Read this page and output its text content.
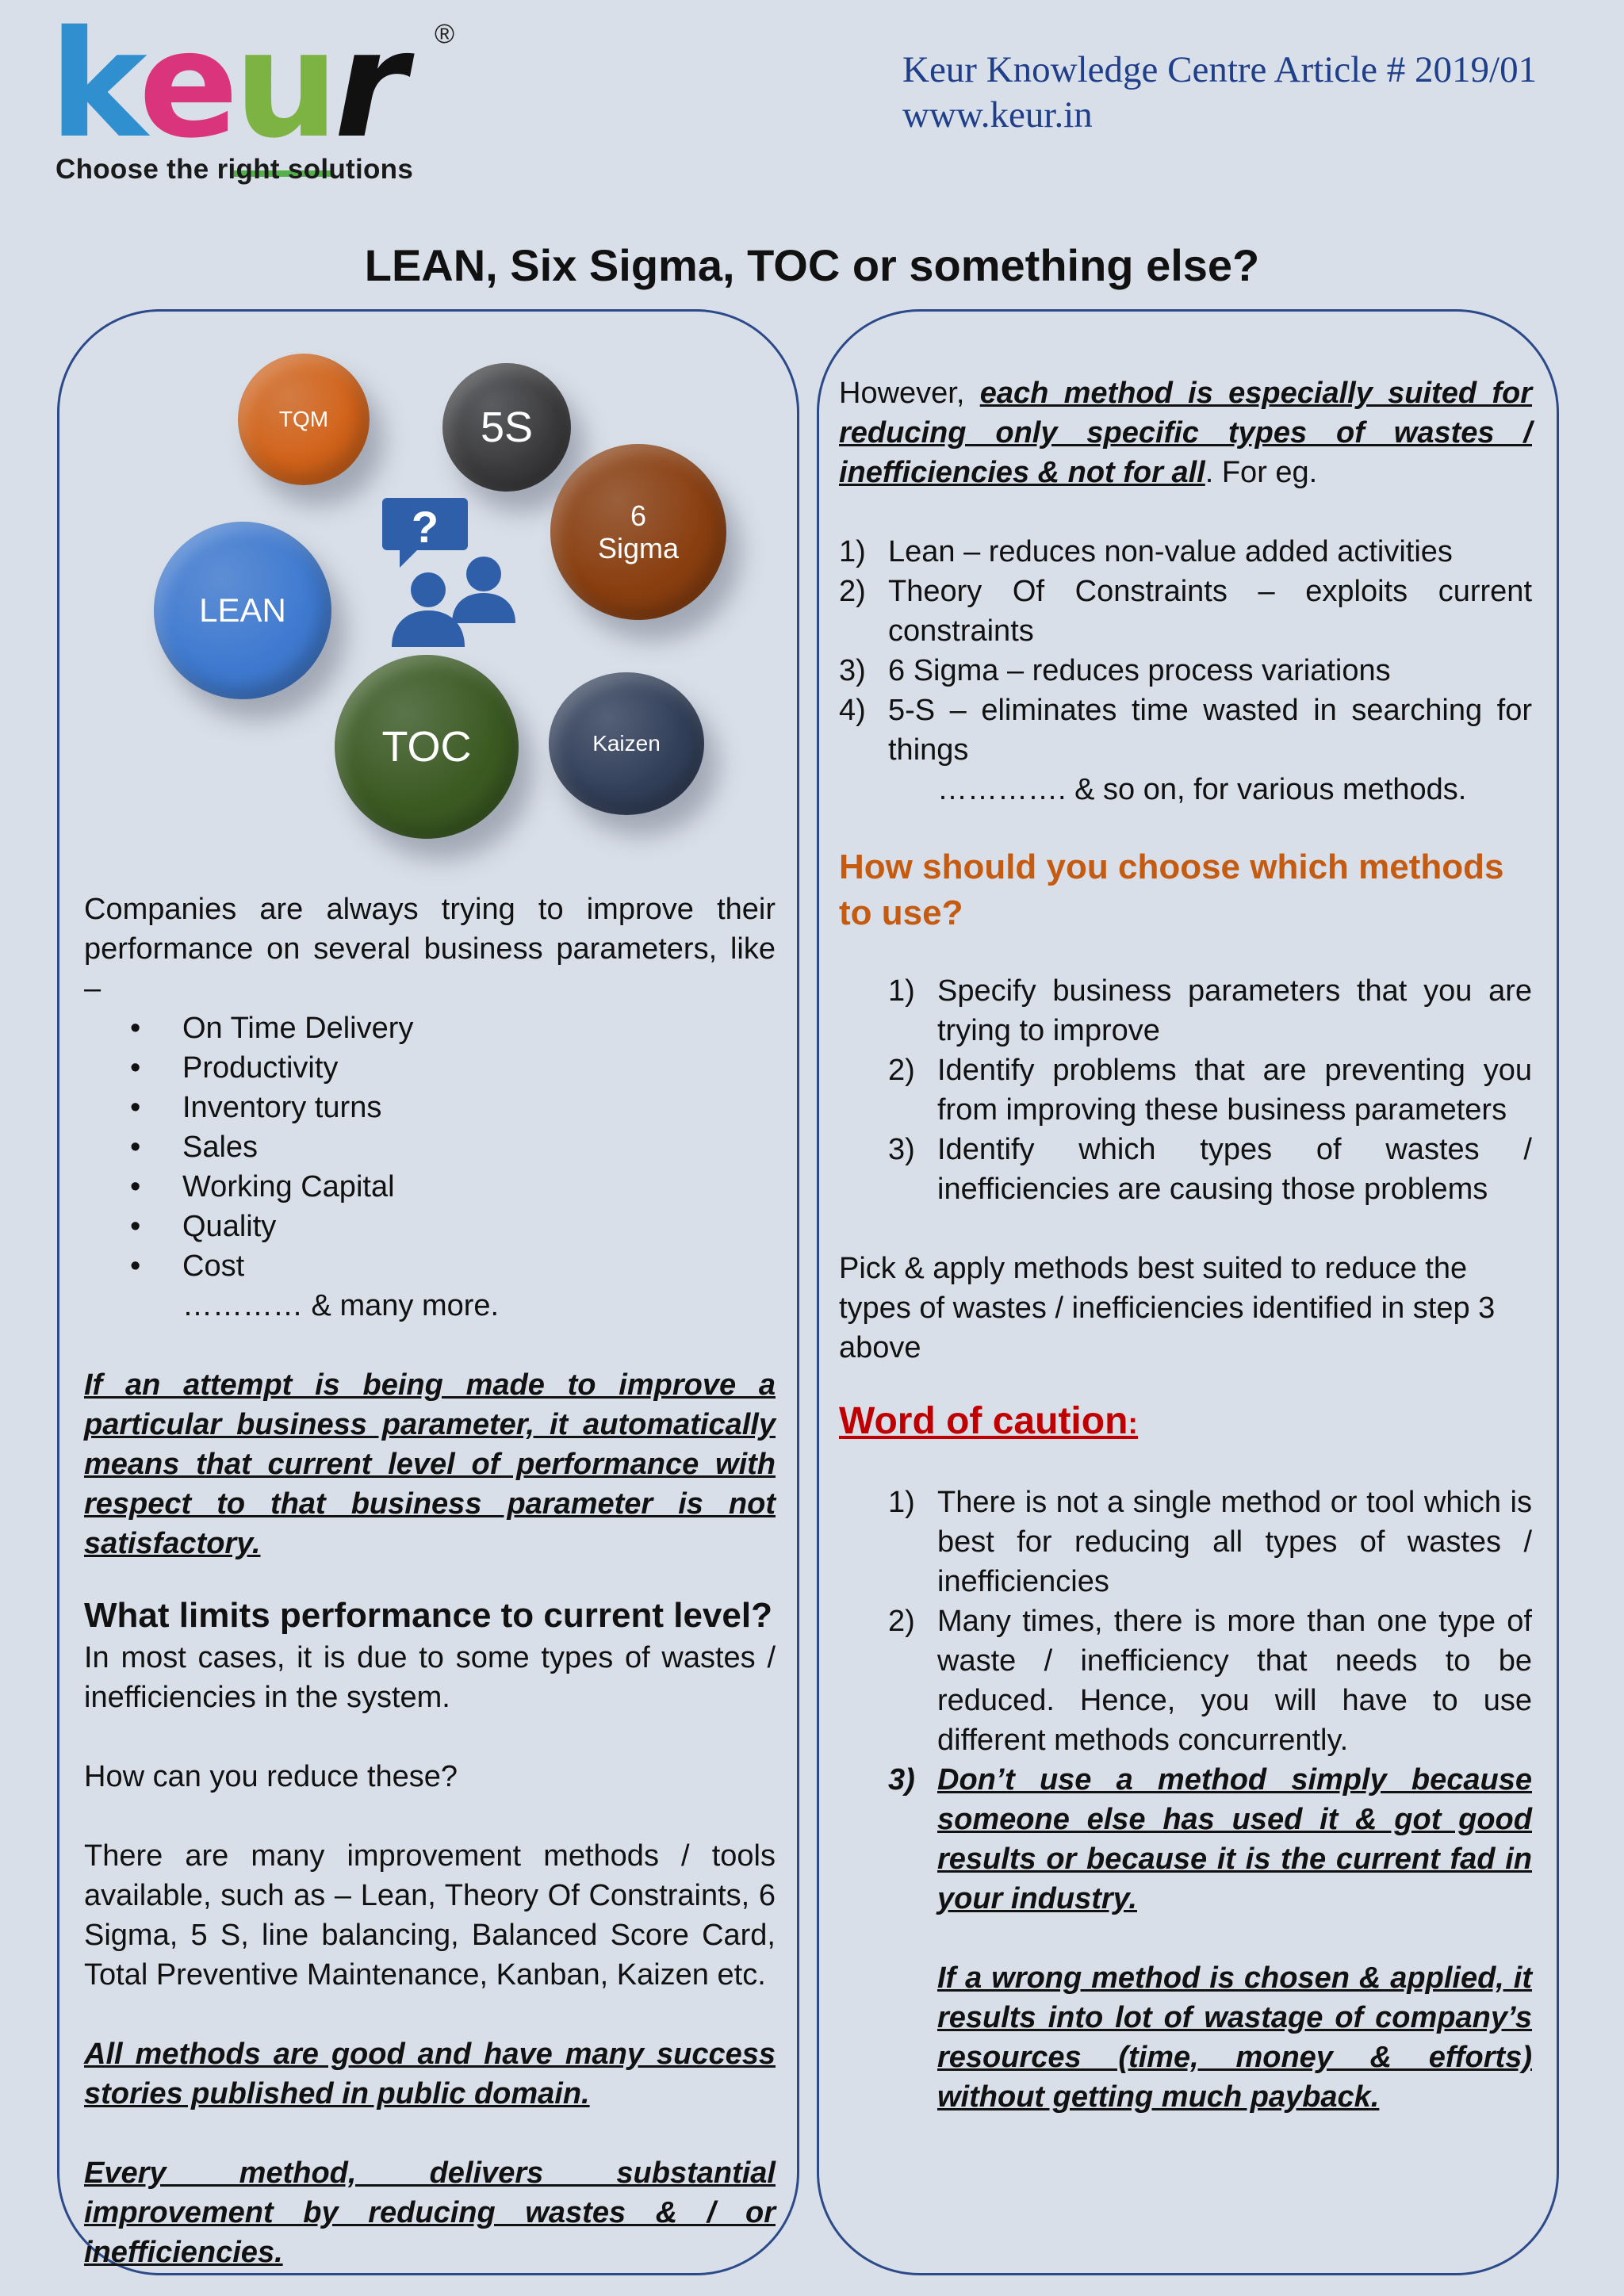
keur ®
Choose the right solutions
Keur Knowledge Centre Article # 2019/01
www.keur.in
LEAN, Six Sigma, TOC or something else?
TQM	5S
6
Sigma
LEAN
TOC	Kaizen
?

Companies are always trying to improve their performance on several business parameters, like –

• On Time Delivery
• Productivity
• Inventory turns
• Sales
• Working Capital
• Quality
• Cost

………… & many more.

If an attempt is being made to improve a particular business parameter, it automatically means that current level of performance with respect to that business parameter is not satisfactory.

What limits performance to current level?

In most cases, it is due to some types of wastes / inefficiencies in the system.

How can you reduce these?

There are many improvement methods / tools available, such as – Lean, Theory Of Constraints, 6 Sigma, 5 S, line balancing, Balanced Score Card, Total Preventive Maintenance, Kanban, Kaizen etc.

All methods are good and have many success stories published in public domain.

Every method, delivers substantial improvement by reducing wastes & / or inefficiencies.

However, each method is especially suited for reducing only specific types of wastes / inefficiencies & not for all. For eg.

1) Lean – reduces non-value added activities
2) Theory Of Constraints – exploits current constraints
3) 6 Sigma – reduces process variations
4) 5-S – eliminates time wasted in searching for things

…………. & so on, for various methods.

How should you choose which methods to use?
1) Specify business parameters that you are trying to improve
2) Identify problems that are preventing you from improving these business parameters
3) Identify which types of wastes / inefficiencies are causing those problems

Pick & apply methods best suited to reduce the types of wastes / inefficiencies identified in step 3 above

Word of caution:
1) There is not a single method or tool which is best for reducing all types of wastes / inefficiencies
2) Many times, there is more than one type of waste / inefficiency that needs to be reduced. Hence, you will have to use different methods concurrently.
3) Don’t use a method simply because someone else has used it & got good results or because it is the current fad in your industry.

If a wrong method is chosen & applied, it results into lot of wastage of company’s resources (time, money & efforts) without getting much payback.
